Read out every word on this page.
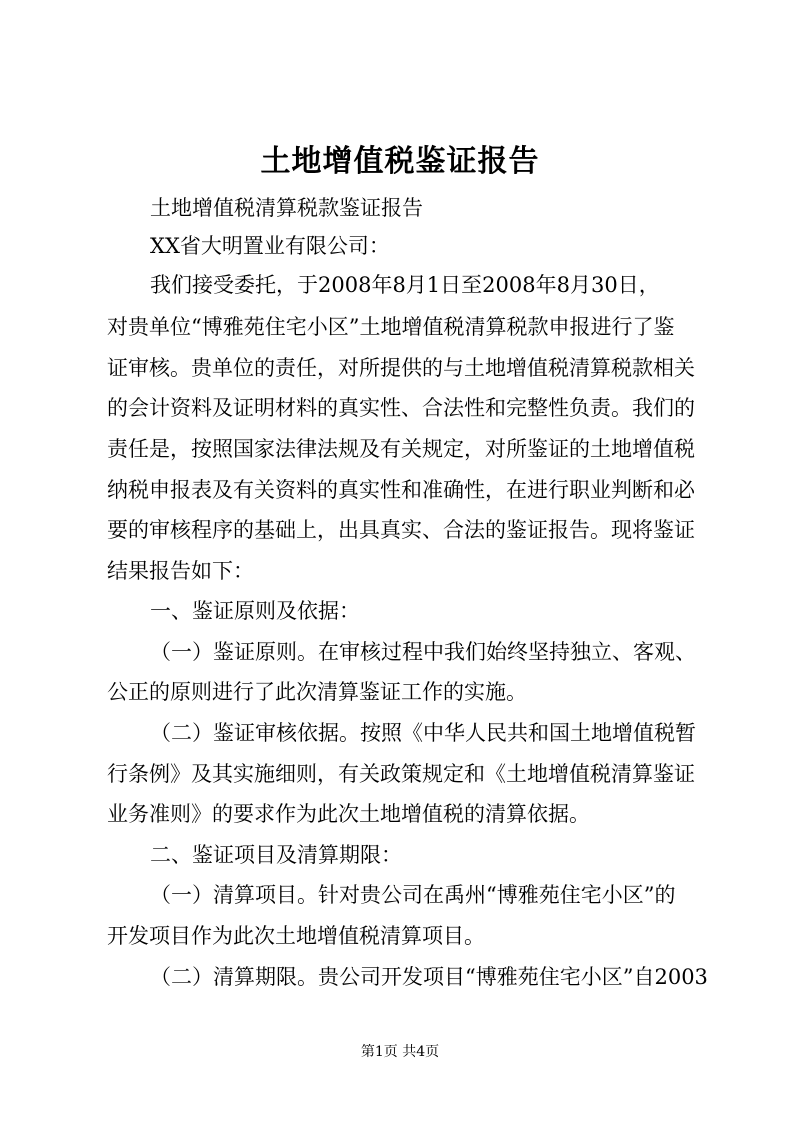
土地增值税鉴证报告

土地增值税清算税款鉴证报告

XX省大明置业有限公司：

我们接受委托，于2008年8月1日至2008年8月30日，

对贵单位“博雅苑住宅小区”土地增值税清算税款申报进行了鉴

证审核。贵单位的责任，对所提供的与土地增值税清算税款相关

的会计资料及证明材料的真实性、合法性和完整性负责。我们的

责任是，按照国家法律法规及有关规定，对所鉴证的土地增值税

纳税申报表及有关资料的真实性和准确性，在进行职业判断和必

要的审核程序的基础上，出具真实、合法的鉴证报告。现将鉴证

结果报告如下：

一、鉴证原则及依据：

（一）鉴证原则。在审核过程中我们始终坚持独立、客观、

公正的原则进行了此次清算鉴证工作的实施。

（二）鉴证审核依据。按照《中华人民共和国土地增值税暂

行条例》及其实施细则，有关政策规定和《土地增值税清算鉴证

业务准则》的要求作为此次土地增值税的清算依据。

二、鉴证项目及清算期限：

（一）清算项目。针对贵公司在禹州“博雅苑住宅小区”的

开发项目作为此次土地增值税清算项目。

（二）清算期限。贵公司开发项目“博雅苑住宅小区”自2003

第1页 共4页
